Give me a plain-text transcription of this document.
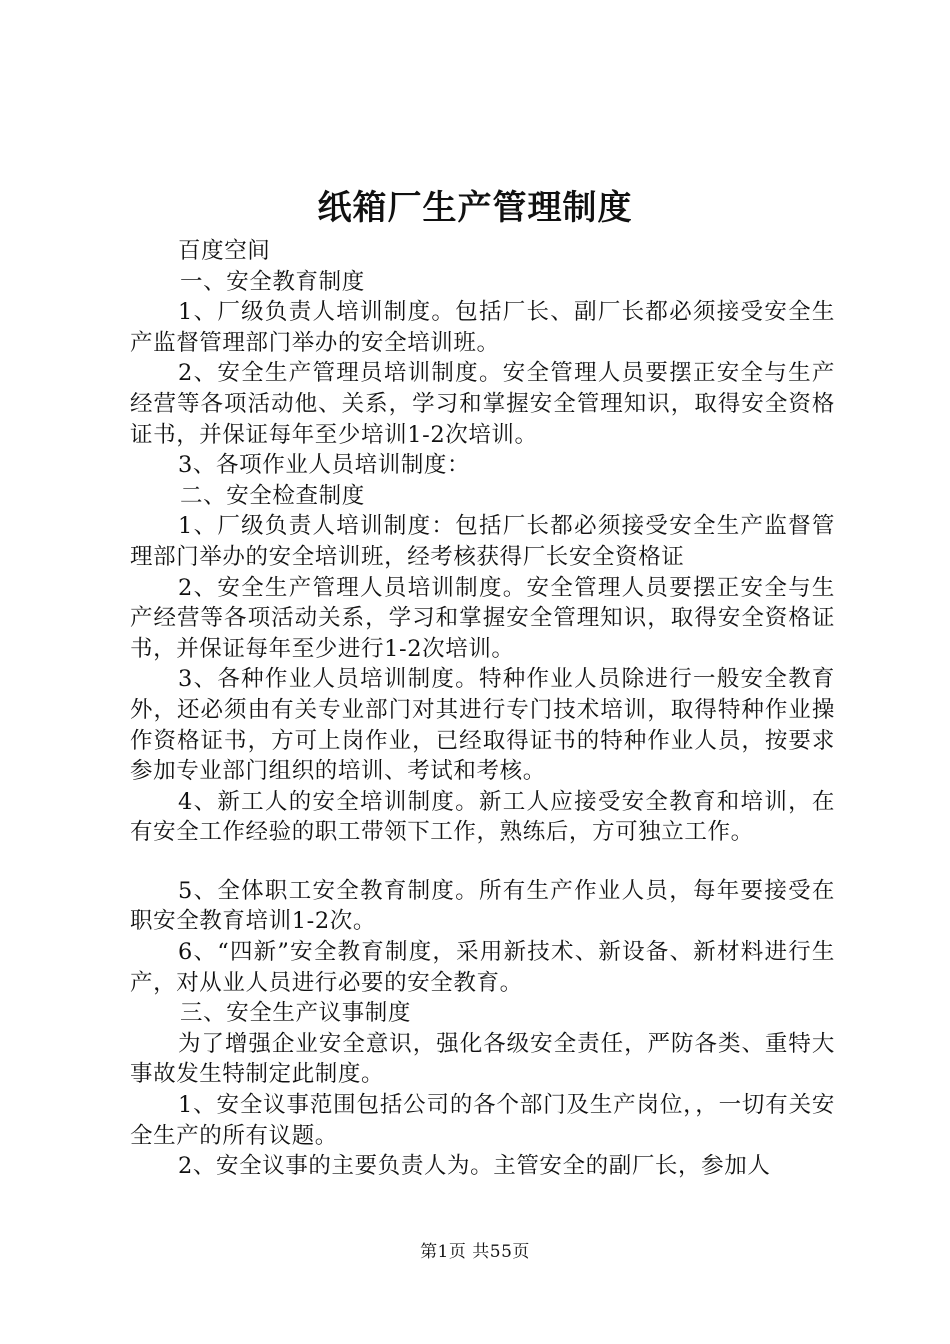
纸箱厂生产管理制度

百度空间

一、安全教育制度

1、厂级负责人培训制度。包括厂长、副厂长都必须接受安全生产监督管理部门举办的安全培训班。

2、安全生产管理员培训制度。安全管理人员要摆正安全与生产经营等各项活动他、关系，学习和掌握安全管理知识，取得安全资格证书，并保证每年至少培训1-2次培训。

3、各项作业人员培训制度：

二、安全检查制度

1、厂级负责人培训制度：包括厂长都必须接受安全生产监督管理部门举办的安全培训班，经考核获得厂长安全资格证

2、安全生产管理人员培训制度。安全管理人员要摆正安全与生产经营等各项活动关系，学习和掌握安全管理知识，取得安全资格证书，并保证每年至少进行1-2次培训。

3、各种作业人员培训制度。特种作业人员除进行一般安全教育外，还必须由有关专业部门对其进行专门技术培训，取得特种作业操作资格证书，方可上岗作业，已经取得证书的特种作业人员，按要求参加专业部门组织的培训、考试和考核。

4、新工人的安全培训制度。新工人应接受安全教育和培训，在有安全工作经验的职工带领下工作，熟练后，方可独立工作。

5、全体职工安全教育制度。所有生产作业人员，每年要接受在职安全教育培训1-2次。

6、“四新”安全教育制度，采用新技术、新设备、新材料进行生产，对从业人员进行必要的安全教育。

三、安全生产议事制度

为了增强企业安全意识，强化各级安全责任，严防各类、重特大事故发生特制定此制度。

1、安全议事范围包括公司的各个部门及生产岗位，，一切有关安全生产的所有议题。

2、安全议事的主要负责人为。主管安全的副厂长，参加人

第1页 共55页
